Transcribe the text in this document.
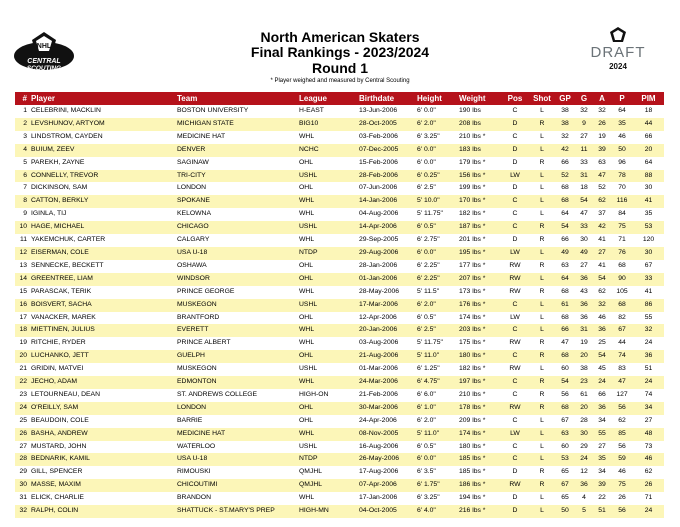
NHL
CENTRAL
SCOUTING
DRAFT
2024
North American Skaters
Final Rankings - 2023/2024
Round 1
* Player weighed and measured by Central Scouting
#	Player	Team	League	Birthdate	Height	Weight	Pos	Shot	GP	G	A	P	PIM
1	CELEBRINI, MACKLIN	BOSTON UNIVERSITY	H-EAST	13-Jun-2006	6' 0.0"	190 lbs	C	L	38	32	32	64	18
2	LEVSHUNOV, ARTYOM	MICHIGAN STATE	BIG10	28-Oct-2005	6' 2.0"	208 lbs	D	R	38	9	26	35	44
3	LINDSTROM, CAYDEN	MEDICINE HAT	WHL	03-Feb-2006	6' 3.25"	210 lbs *	C	L	32	27	19	46	66
4	BUIUM, ZEEV	DENVER	NCHC	07-Dec-2005	6' 0.0"	183 lbs	D	L	42	11	39	50	20
5	PAREKH, ZAYNE	SAGINAW	OHL	15-Feb-2006	6' 0.0"	179 lbs *	D	R	66	33	63	96	64
6	CONNELLY, TREVOR	TRI-CITY	USHL	28-Feb-2006	6' 0.25"	156 lbs *	LW	L	52	31	47	78	88
7	DICKINSON, SAM	LONDON	OHL	07-Jun-2006	6' 2.5"	199 lbs *	D	L	68	18	52	70	30
8	CATTON, BERKLY	SPOKANE	WHL	14-Jan-2006	5' 10.0"	170 lbs *	C	L	68	54	62	116	41
9	IGINLA, TIJ	KELOWNA	WHL	04-Aug-2006	5' 11.75"	182 lbs *	C	L	64	47	37	84	35
10	HAGE, MICHAEL	CHICAGO	USHL	14-Apr-2006	6' 0.5"	187 lbs *	C	R	54	33	42	75	53
11	YAKEMCHUK, CARTER	CALGARY	WHL	29-Sep-2005	6' 2.75"	201 lbs *	D	R	66	30	41	71	120
12	EISERMAN, COLE	USA U-18	NTDP	29-Aug-2006	6' 0.0"	195 lbs *	LW	L	49	49	27	76	30
13	SENNECKE, BECKETT	OSHAWA	OHL	28-Jan-2006	6' 2.25"	177 lbs *	RW	R	63	27	41	68	67
14	GREENTREE, LIAM	WINDSOR	OHL	01-Jan-2006	6' 2.25"	207 lbs *	RW	L	64	36	54	90	33
15	PARASCAK, TERIK	PRINCE GEORGE	WHL	28-May-2006	5' 11.5"	173 lbs *	RW	R	68	43	62	105	41
16	BOISVERT, SACHA	MUSKEGON	USHL	17-Mar-2006	6' 2.0"	176 lbs *	C	L	61	36	32	68	86
17	VANACKER, MAREK	BRANTFORD	OHL	12-Apr-2006	6' 0.5"	174 lbs *	LW	L	68	36	46	82	55
18	MIETTINEN, JULIUS	EVERETT	WHL	20-Jan-2006	6' 2.5"	203 lbs *	C	L	66	31	36	67	32
19	RITCHIE, RYDER	PRINCE ALBERT	WHL	03-Aug-2006	5' 11.75"	175 lbs *	RW	R	47	19	25	44	24
20	LUCHANKO, JETT	GUELPH	OHL	21-Aug-2006	5' 11.0"	180 lbs *	C	R	68	20	54	74	36
21	GRIDIN, MATVEI	MUSKEGON	USHL	01-Mar-2006	6' 1.25"	182 lbs *	RW	L	60	38	45	83	51
22	JECHO, ADAM	EDMONTON	WHL	24-Mar-2006	6' 4.75"	197 lbs *	C	R	54	23	24	47	24
23	LETOURNEAU, DEAN	ST. ANDREWS COLLEGE	HIGH-ON	21-Feb-2006	6' 6.0"	210 lbs *	C	R	56	61	66	127	74
24	O'REILLY, SAM	LONDON	OHL	30-Mar-2006	6' 1.0"	178 lbs *	RW	R	68	20	36	56	34
25	BEAUDOIN, COLE	BARRIE	OHL	24-Apr-2006	6' 2.0"	209 lbs *	C	L	67	28	34	62	27
26	BASHA, ANDREW	MEDICINE HAT	WHL	08-Nov-2005	5' 11.0"	174 lbs *	LW	L	63	30	55	85	48
27	MUSTARD, JOHN	WATERLOO	USHL	16-Aug-2006	6' 0.5"	180 lbs *	C	L	60	29	27	56	73
28	BEDNARIK, KAMIL	USA U-18	NTDP	26-May-2006	6' 0.0"	185 lbs *	C	L	53	24	35	59	46
29	GILL, SPENCER	RIMOUSKI	QMJHL	17-Aug-2006	6' 3.5"	185 lbs *	D	R	65	12	34	46	62
30	MASSE, MAXIM	CHICOUTIMI	QMJHL	07-Apr-2006	6' 1.75"	186 lbs *	RW	R	67	36	39	75	26
31	ELICK, CHARLIE	BRANDON	WHL	17-Jan-2006	6' 3.25"	194 lbs *	D	L	65	4	22	26	71
32	RALPH, COLIN	SHATTUCK - ST.MARY'S PREP	HIGH-MN	04-Oct-2005	6' 4.0"	216 lbs *	D	L	50	5	51	56	24
